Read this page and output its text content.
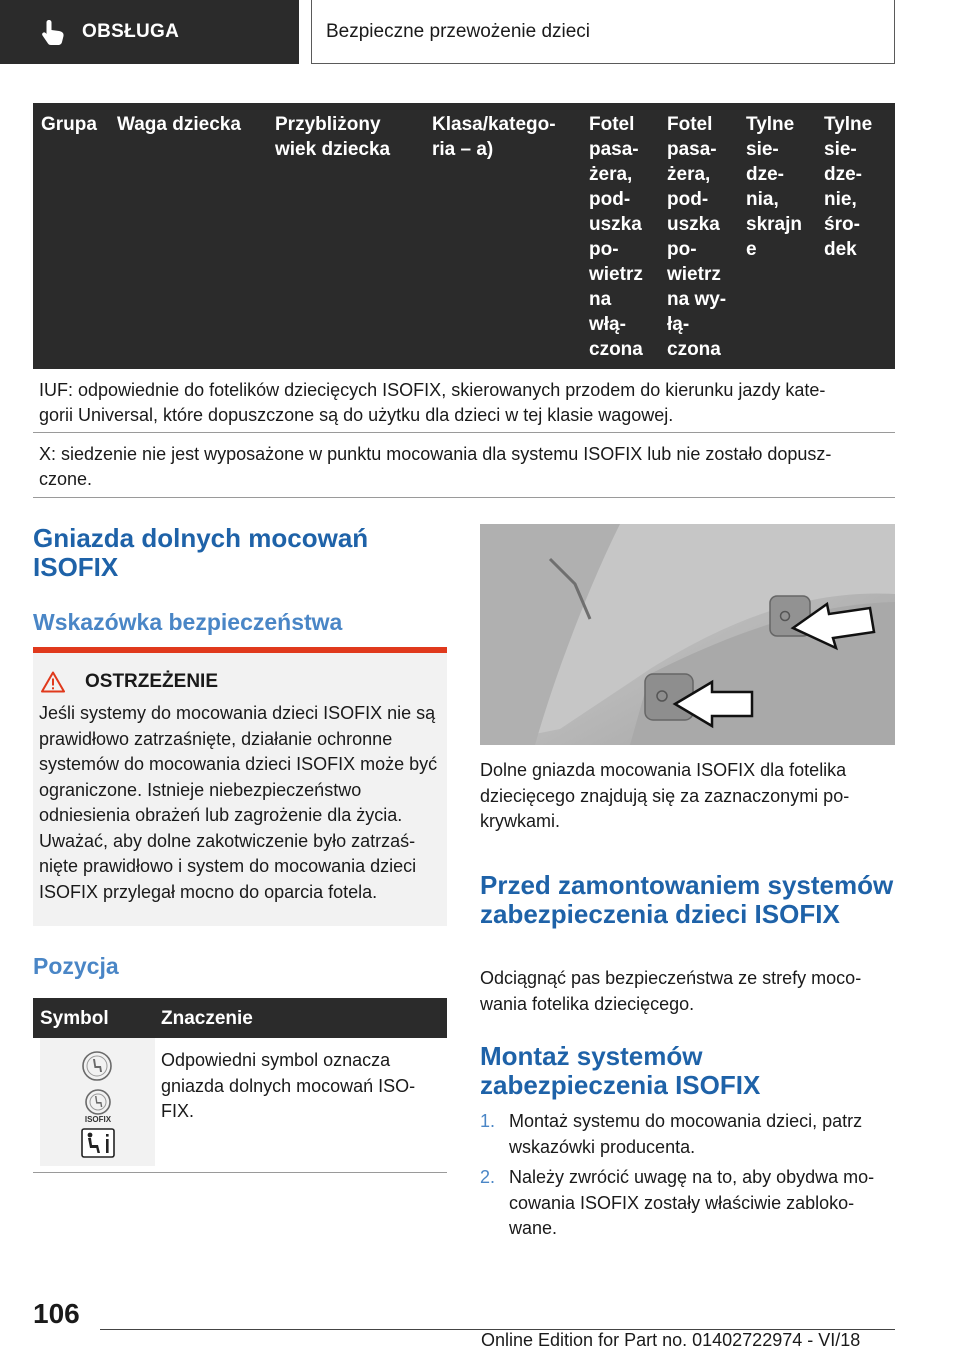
OBSŁUGA	Bezpieczne przewożenie dzieci
Grupa Waga dziecka Przybliżony
wiek dziecka
Klasa/katego-
ria – a)
Fotel
pasa-
żera,
pod-
uszka
po-
wietrz
na
włą-
czona
Fotel
pasa-
żera,
pod-
uszka
po-
wietrz
na wy-
łą-
czona
Tylne
sie-
dze-
nia,
skrajn
e
Tylne
sie-
dze-
nie,
śro-
dek
IUF: odpowiednie do fotelików dziecięcych ISOFIX, skierowanych przodem do kierunku jazdy kate-
gorii Universal, które dopuszczone są do użytku dla dzieci w tej klasie wagowej.
X: siedzenie nie jest wyposażone w punktu mocowania dla systemu ISOFIX lub nie zostało dopusz-
czone.
Gniazda dolnych mocowań ISOFIX
Wskazówka bezpieczeństwa
OSTRZEŻENIE
Jeśli systemy do mocowania dzieci ISOFIX nie są prawidłowo zatrzaśnięte, działanie ochronne systemów do mocowania dzieci ISOFIX może być ograniczone. Istnieje niebezpieczeństwo odniesienia obrażeń lub zagrożenie dla życia. Uważać, aby dolne zakotwiczenie było zatrzaś-nięte prawidłowo i system do mocowania dzieci ISOFIX przylegał mocno do oparcia fotela.
Pozycja
Symbol	Znaczenie
ISOFIX
Odpowiedni symbol oznacza gniazda dolnych mocowań ISO-FIX.
Dolne gniazda mocowania ISOFIX dla fotelika dziecięcego znajdują się za zaznaczonymi po-krywkami.
Przed zamontowaniem systemów zabezpieczenia dzieci ISOFIX
Odciągnąć pas bezpieczeństwa ze strefy moco-wania fotelika dziecięcego.
Montaż systemów zabezpieczenia ISOFIX
1. Montaż systemu do mocowania dzieci, patrz wskazówki producenta.
2. Należy zwrócić uwagę na to, aby obydwa mo-cowania ISOFIX zostały właściwie zabloko-wane.
106
Online Edition for Part no. 01402722974 - VI/18
